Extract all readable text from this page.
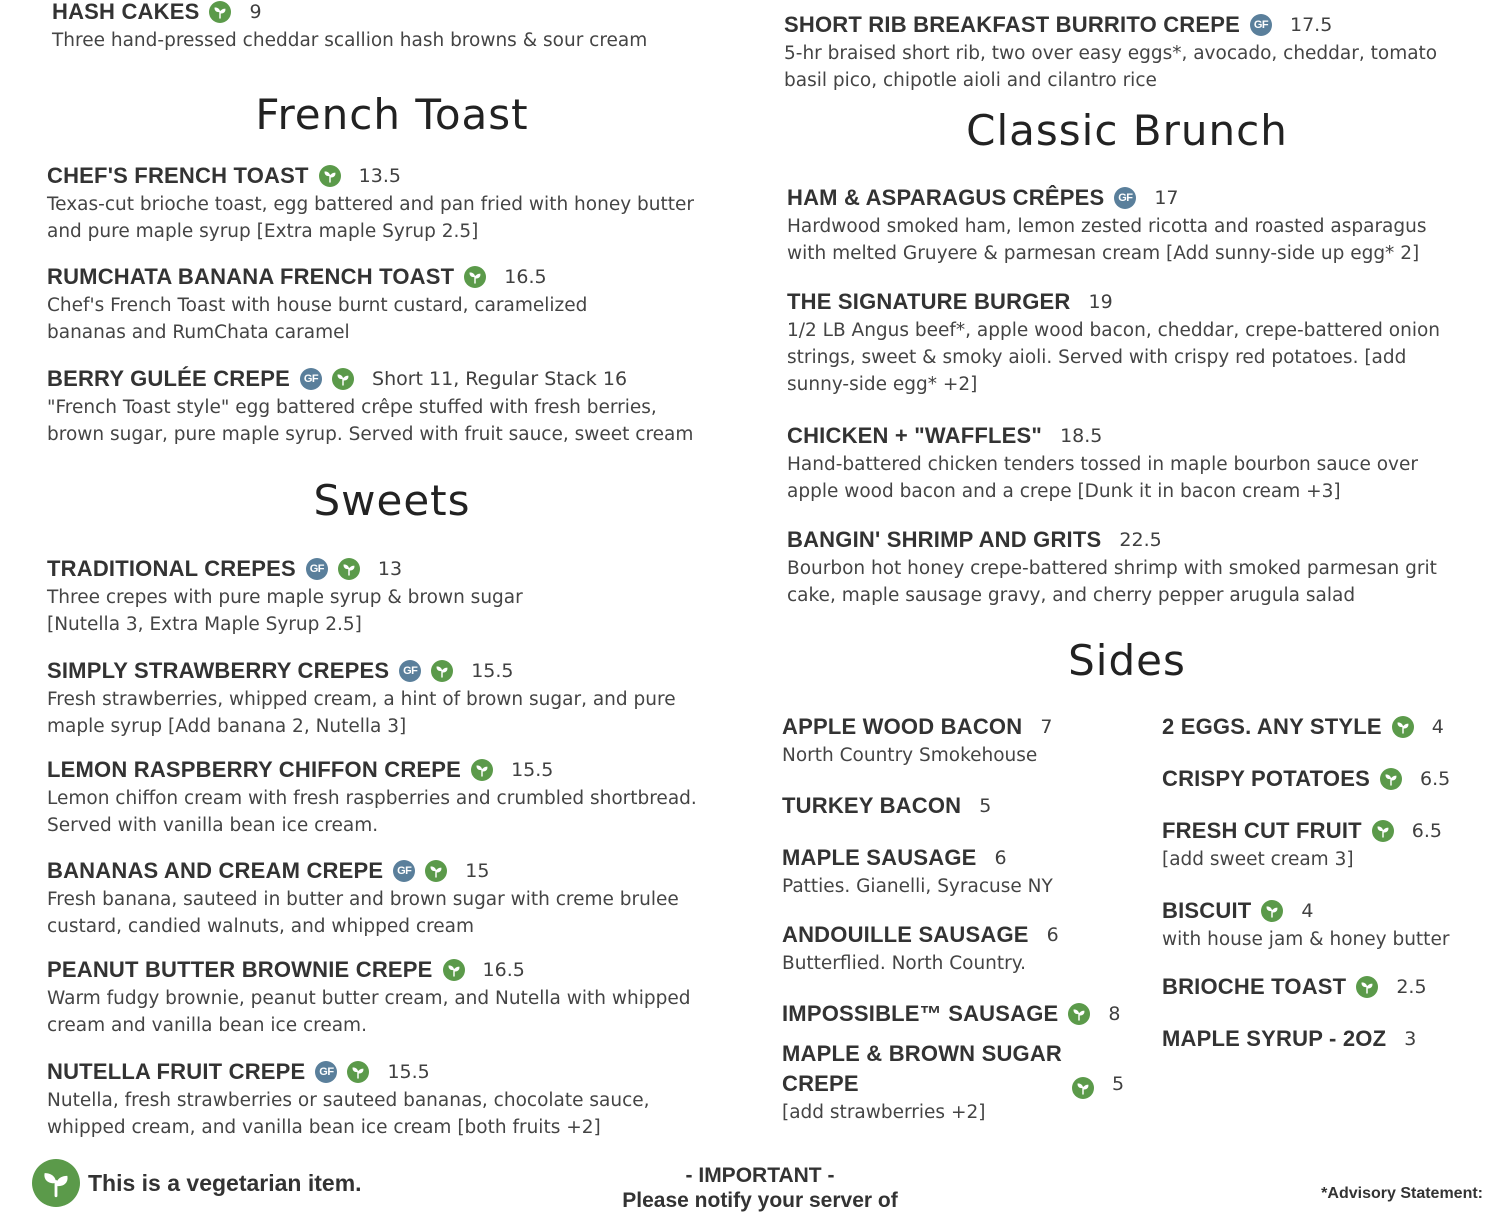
HASH CAKES	9
Three hand-pressed cheddar scallion hash browns & sour cream
French Toast
CHEF'S FRENCH TOAST	13.5
Texas-cut brioche toast, egg battered and pan fried with honey butter
and pure maple syrup [Extra maple Syrup 2.5]
RUMCHATA BANANA FRENCH TOAST	16.5
Chef's French Toast with house burnt custard, caramelized
bananas and RumChata caramel
BERRY GULÉE CREPE GF	Short 11, Regular Stack 16
"French Toast style" egg battered crêpe stuffed with fresh berries,
brown sugar, pure maple syrup. Served with fruit sauce, sweet cream
Sweets
TRADITIONAL CREPES GF	13
Three crepes with pure maple syrup & brown sugar
[Nutella 3, Extra Maple Syrup 2.5]
SIMPLY STRAWBERRY CREPES GF	15.5
Fresh strawberries, whipped cream, a hint of brown sugar, and pure
maple syrup [Add banana 2, Nutella 3]
LEMON RASPBERRY CHIFFON CREPE	15.5
Lemon chiffon cream with fresh raspberries and crumbled shortbread.
Served with vanilla bean ice cream.
BANANAS AND CREAM CREPE GF	15
Fresh banana, sauteed in butter and brown sugar with creme brulee
custard, candied walnuts, and whipped cream
PEANUT BUTTER BROWNIE CREPE	16.5
Warm fudgy brownie, peanut butter cream, and Nutella with whipped
cream and vanilla bean ice cream.
NUTELLA FRUIT CREPE GF	15.5
Nutella, fresh strawberries or sauteed bananas, chocolate sauce,
whipped cream, and vanilla bean ice cream [both fruits +2]
SHORT RIB BREAKFAST BURRITO CREPE GF 17.5
5-hr braised short rib, two over easy eggs*, avocado, cheddar, tomato
basil pico, chipotle aioli and cilantro rice
Classic Brunch
HAM & ASPARAGUS CRÊPES GF 17
Hardwood smoked ham, lemon zested ricotta and roasted asparagus
with melted Gruyere & parmesan cream [Add sunny-side up egg* 2]
THE SIGNATURE BURGER 19
1/2 LB Angus beef*, apple wood bacon, cheddar, crepe-battered onion
strings, sweet & smoky aioli. Served with crispy red potatoes. [add
sunny-side egg* +2]
CHICKEN + "WAFFLES" 18.5
Hand-battered chicken tenders tossed in maple bourbon sauce over
apple wood bacon and a crepe [Dunk it in bacon cream +3]
BANGIN' SHRIMP AND GRITS 22.5
Bourbon hot honey crepe-battered shrimp with smoked parmesan grit
cake, maple sausage gravy, and cherry pepper arugula salad
Sides
APPLE WOOD BACON 7
North Country Smokehouse
TURKEY BACON 5
MAPLE SAUSAGE 6
Patties. Gianelli, Syracuse NY
ANDOUILLE SAUSAGE 6
Butterflied. North Country.
IMPOSSIBLE™ SAUSAGE	8
MAPLE & BROWN SUGAR
CREPE	5
[add strawberries +2]
2 EGGS. ANY STYLE	4
CRISPY POTATOES	6.5
FRESH CUT FRUIT	6.5
[add sweet cream 3]
BISCUIT	4
with house jam & honey butter
BRIOCHE TOAST	2.5
MAPLE SYRUP - 2OZ 3
This is a vegetarian item.	- IMPORTANT -
Please notify your server of	*Advisory Statement:
